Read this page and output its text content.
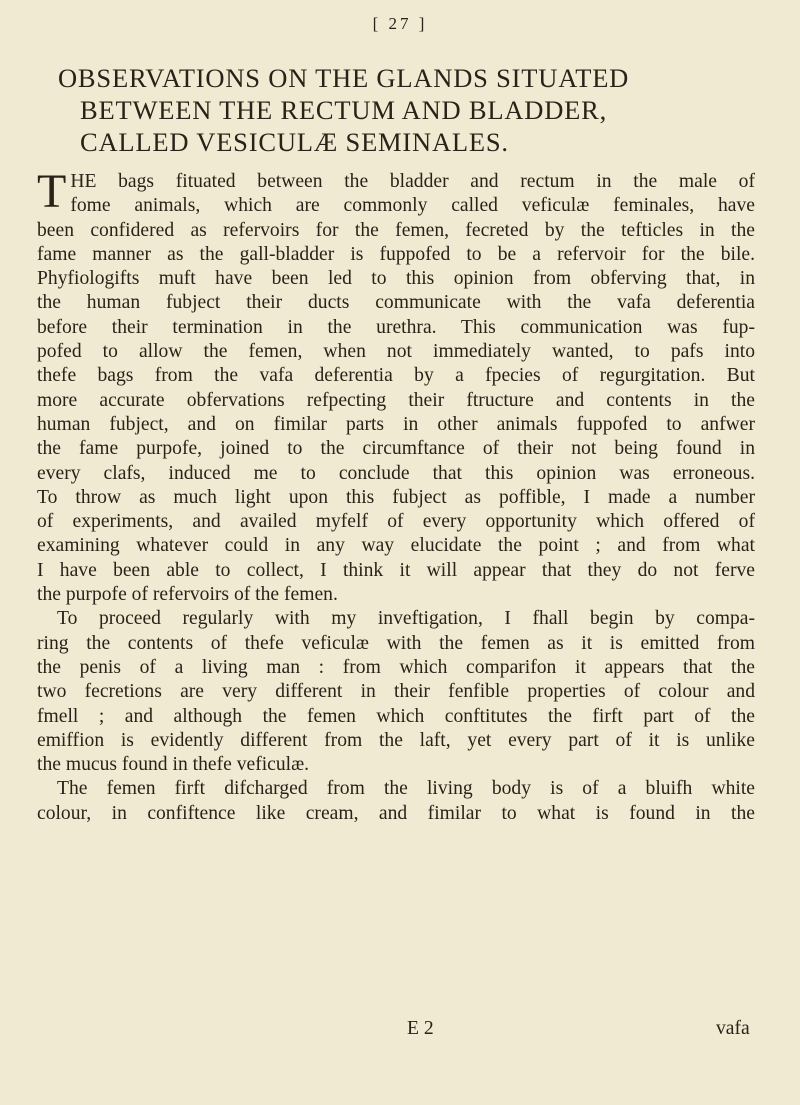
[ 27 ]
OBSERVATIONS ON THE GLANDS SITUATED
BETWEEN THE RECTUM AND BLADDER,
CALLED VESICULÆ SEMINALES.
T HE bags fituated between the bladder and rectum in the male of
fome animals, which are commonly called veficulæ feminales, have
been confidered as refervoirs for the femen, fecreted by the tefticles in the
fame manner as the gall-bladder is fuppofed to be a refervoir for the bile.
Phyfiologifts muft have been led to this opinion from obferving that, in
the human fubject their ducts communicate with the vafa deferentia
before their termination in the urethra. This communication was fup-
pofed to allow the femen, when not immediately wanted, to pafs into
thefe bags from the vafa deferentia by a fpecies of regurgitation. But
more accurate obfervations refpecting their ftructure and contents in the
human fubject, and on fimilar parts in other animals fuppofed to anfwer
the fame purpofe, joined to the circumftance of their not being found in
every clafs, induced me to conclude that this opinion was erroneous.
To throw as much light upon this fubject as poffible, I made a number
of experiments, and availed myfelf of every opportunity which offered of
examining whatever could in any way elucidate the point ; and from what
I have been able to collect, I think it will appear that they do not ferve
the purpofe of refervoirs of the femen.
To proceed regularly with my inveftigation, I fhall begin by compa-
ring the contents of thefe veficulæ with the femen as it is emitted from
the penis of a living man : from which comparifon it appears that the
two fecretions are very different in their fenfible properties of colour and
fmell ; and although the femen which conftitutes the firft part of the
emiffion is evidently different from the laft, yet every part of it is unlike
the mucus found in thefe veficulæ.
The femen firft difcharged from the living body is of a bluifh white
colour, in confiftence like cream, and fimilar to what is found in the
E 2	vafa
